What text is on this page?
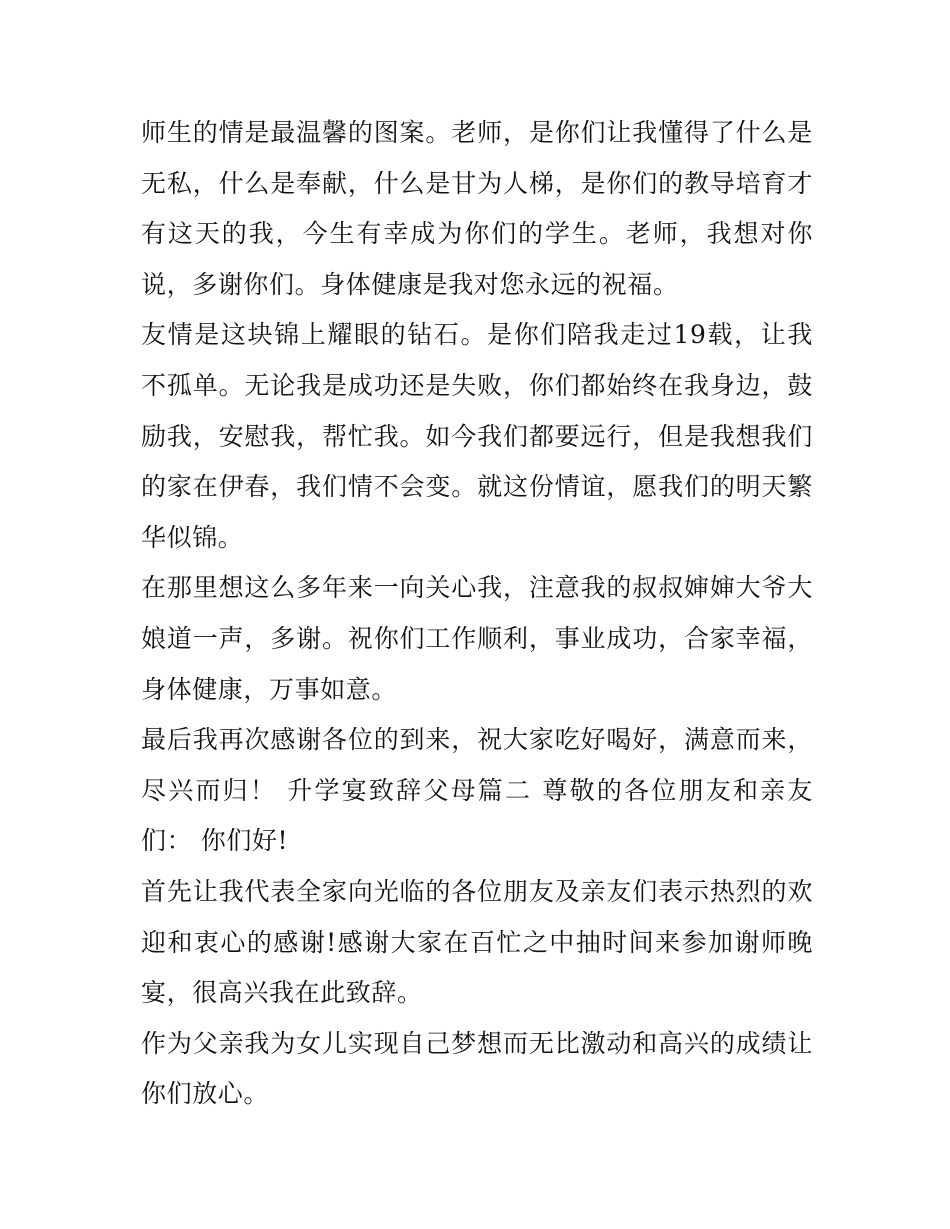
师生的情是最温馨的图案。老师，是你们让我懂得了什么是无私，什么是奉献，什么是甘为人梯，是你们的教导培育才有这天的我，今生有幸成为你们的学生。老师，我想对你说，多谢你们。身体健康是我对您永远的祝福。

友情是这块锦上耀眼的钻石。是你们陪我走过19载，让我不孤单。无论我是成功还是失败，你们都始终在我身边，鼓励我，安慰我，帮忙我。如今我们都要远行，但是我想我们的家在伊春，我们情不会变。就这份情谊，愿我们的明天繁华似锦。

在那里想这么多年来一向关心我，注意我的叔叔婶婶大爷大娘道一声，多谢。祝你们工作顺利，事业成功，合家幸福，身体健康，万事如意。

最后我再次感谢各位的到来，祝大家吃好喝好，满意而来，尽兴而归！ 升学宴致辞父母篇二 尊敬的各位朋友和亲友们： 你们好!

首先让我代表全家向光临的各位朋友及亲友们表示热烈的欢迎和衷心的感谢!感谢大家在百忙之中抽时间来参加谢师晚宴，很高兴我在此致辞。

作为父亲我为女儿实现自己梦想而无比激动和高兴的成绩让你们放心。
